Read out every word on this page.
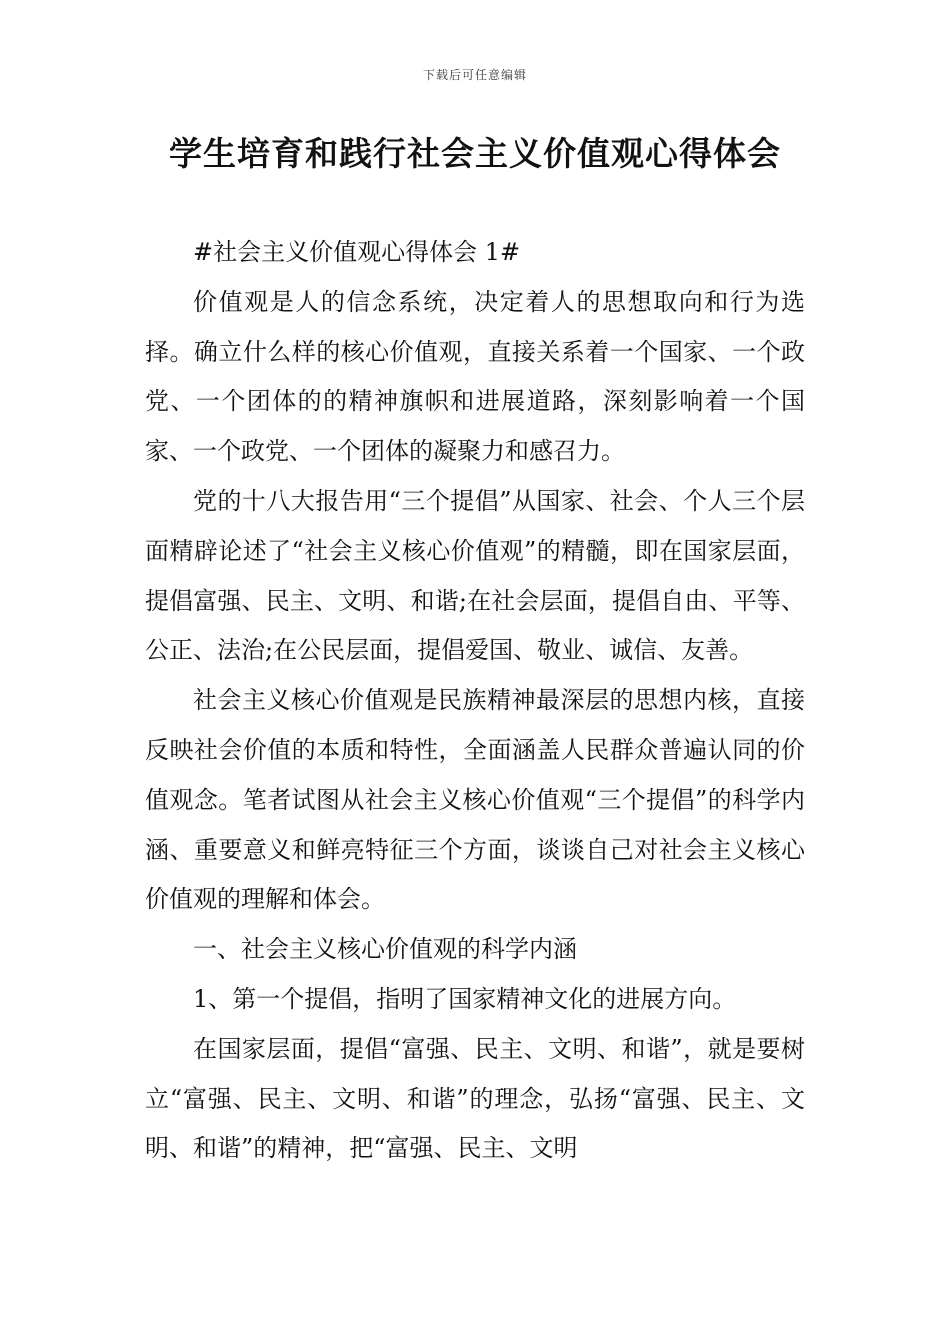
下载后可任意编辑
学生培育和践行社会主义价值观心得体会

#社会主义价值观心得体会 1#

价值观是人的信念系统，决定着人的思想取向和行为选择。确立什么样的核心价值观，直接关系着一个国家、一个政党、一个团体的的精神旗帜和进展道路，深刻影响着一个国家、一个政党、一个团体的凝聚力和感召力。

党的十八大报告用“三个提倡”从国家、社会、个人三个层面精辟论述了“社会主义核心价值观”的精髓，即在国家层面，提倡富强、民主、文明、和谐;在社会层面，提倡自由、平等、公正、法治;在公民层面，提倡爱国、敬业、诚信、友善。

社会主义核心价值观是民族精神最深层的思想内核，直接反映社会价值的本质和特性，全面涵盖人民群众普遍认同的价值观念。笔者试图从社会主义核心价值观“三个提倡”的科学内涵、重要意义和鲜亮特征三个方面，谈谈自己对社会主义核心价值观的理解和体会。

一、社会主义核心价值观的科学内涵

1、第一个提倡，指明了国家精神文化的进展方向。

在国家层面，提倡“富强、民主、文明、和谐”，就是要树立“富强、民主、文明、和谐”的理念，弘扬“富强、民主、文明、和谐”的精神，把“富强、民主、文明
